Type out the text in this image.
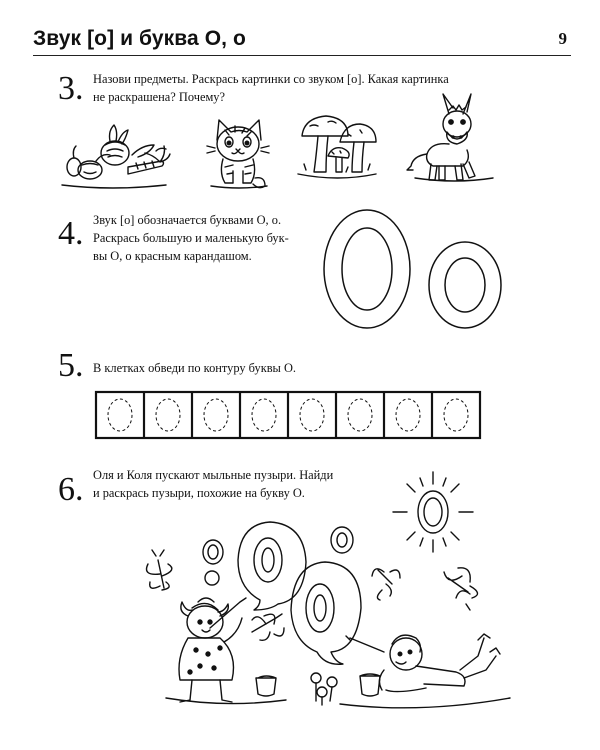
Звук [о] и буква О, о	9
3. Назови предметы. Раскрась картинки со звуком [о]. Какая картинка
не раскрашена? Почему?
4. Звук [о] обозначается буквами О, о.
Раскрась большую и маленькую бук-
вы О, о красным карандашом.
5. В клетках обведи по контуру буквы О.
6. Оля и Коля пускают мыльные пузыри. Найди
и раскрась пузыри, похожие на букву О.
